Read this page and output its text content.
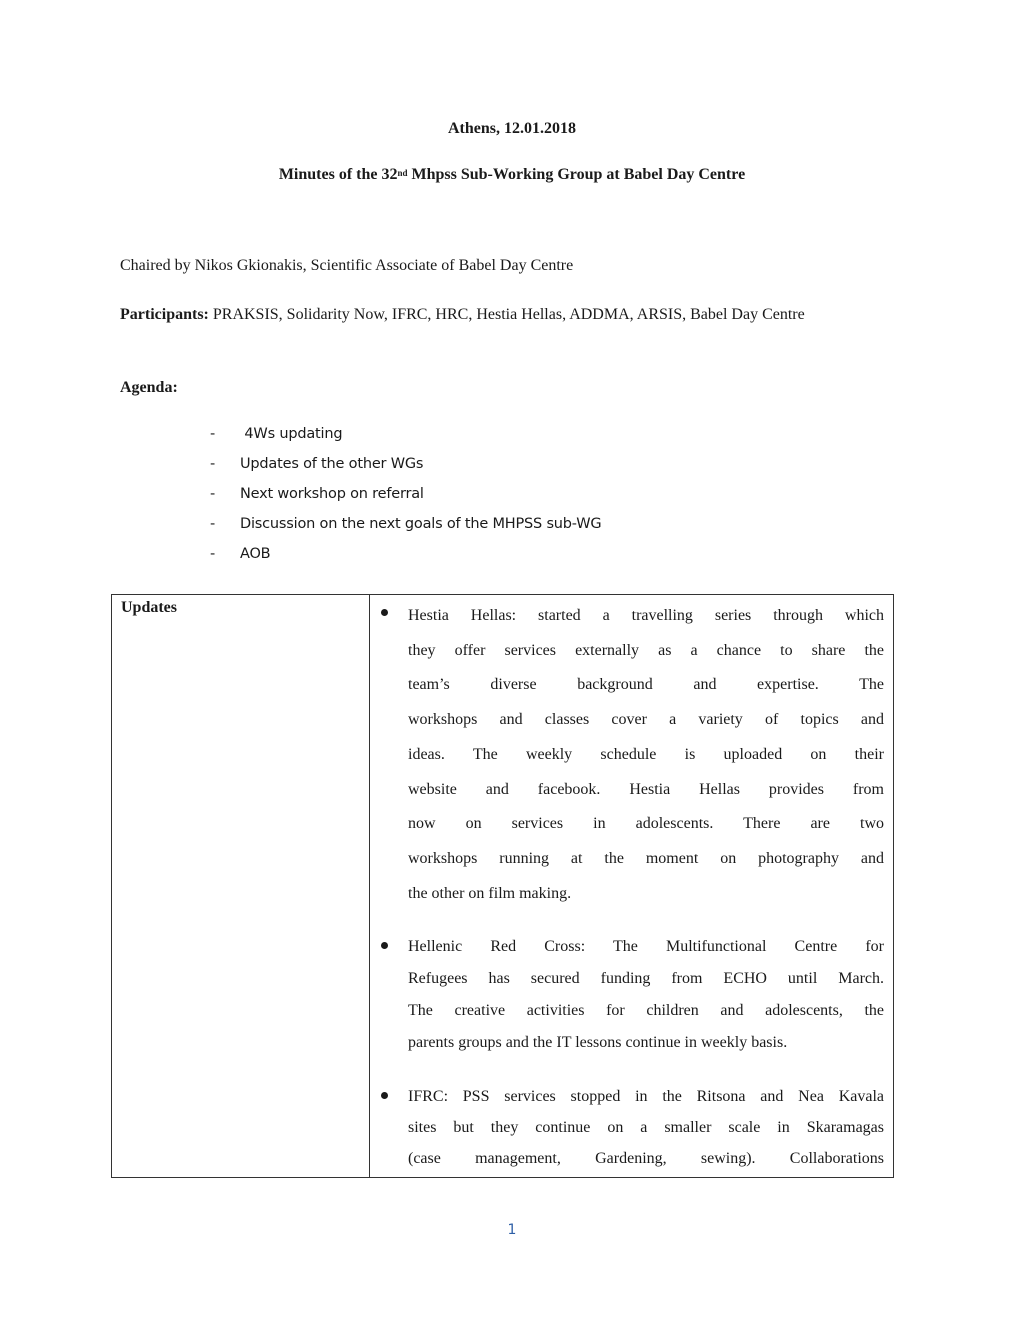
Athens, 12.01.2018
Minutes of the 32nd Mhpss Sub-Working Group at Babel Day Centre
Chaired by Nikos Gkionakis, Scientific Associate of Babel Day Centre
Participants: PRAKSIS, Solidarity Now, IFRC, HRC, Hestia Hellas, ADDMA, ARSIS, Babel Day Centre
Agenda:
-	4Ws updating
-	Updates of the other WGs
-	Next workshop on referral
-	Discussion on the next goals of the MHPSS sub-WG
-	AOB
Updates	Hestia Hellas: started a travelling series through which

they offer services externally as a chance to share the

team’s diverse background and expertise. The

workshops and classes cover a variety of topics and

ideas. The weekly schedule is uploaded on their

website and facebook. Hestia Hellas provides from

now on services in adolescents. There are two

workshops running at the moment on photography and

the other on film making.

Hellenic Red Cross: The Multifunctional Centre for

Refugees has secured funding from ECHO until March.

The creative activities for children and adolescents, the

parents groups and the IT lessons continue in weekly basis.

IFRC: PSS services stopped in the Ritsona and Nea Kavala

sites but they continue on a smaller scale in Skaramagas

(case management, Gardening, sewing). Collaborations

1
